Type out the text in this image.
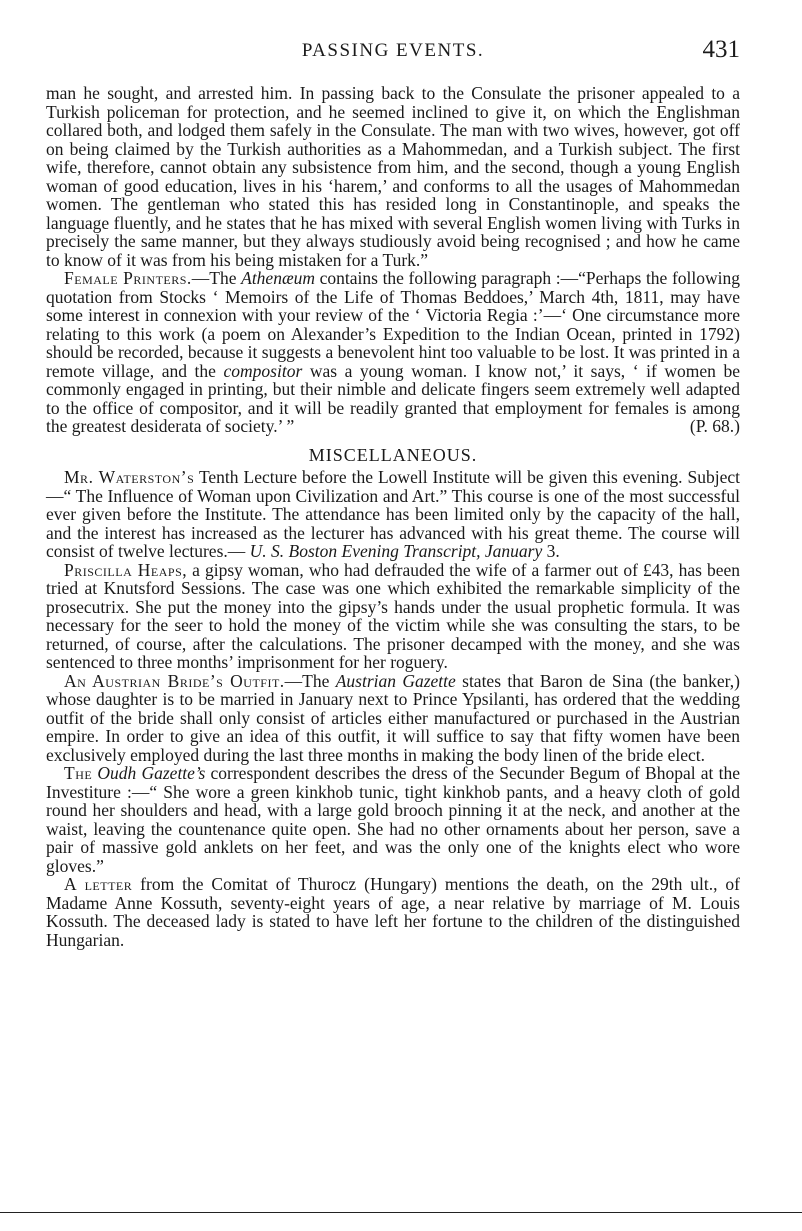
PASSING EVENTS.	431

man he sought, and arrested him. In passing back to the Consulate the prisoner appealed to a Turkish policeman for protection, and he seemed inclined to give it, on which the Englishman collared both, and lodged them safely in the Consulate. The man with two wives, however, got off on being claimed by the Turkish authorities as a Mahommedan, and a Turkish subject. The first wife, therefore, cannot obtain any subsistence from him, and the second, though a young English woman of good education, lives in his ‘harem,’ and conforms to all the usages of Mahommedan women. The gentleman who stated this has resided long in Constantinople, and speaks the language fluently, and he states that he has mixed with several English women living with Turks in precisely the same manner, but they always studiously avoid being recognised ; and how he came to know of it was from his being mistaken for a Turk.”

Female Printers.—The Athenæum contains the following paragraph :—“Perhaps the following quotation from Stocks ‘ Memoirs of the Life of Thomas Beddoes,’ March 4th, 1811, may have some interest in connexion with your review of the ‘ Victoria Regia :’—‘ One circumstance more relating to this work (a poem on Alexander’s Expedition to the Indian Ocean, printed in 1792) should be recorded, because it suggests a benevolent hint too valuable to be lost. It was printed in a remote village, and the compositor was a young woman. I know not,’ it says, ‘ if women be commonly engaged in printing, but their nimble and delicate fingers seem extremely well adapted to the office of compositor, and it will be readily granted that employment for females is among the greatest desiderata of society.’ ”	(P. 68.)

MISCELLANEOUS.

Mr. Waterston’s Tenth Lecture before the Lowell Institute will be given this evening. Subject—“ The Influence of Woman upon Civilization and Art.” This course is one of the most successful ever given before the Institute. The attendance has been limited only by the capacity of the hall, and the interest has increased as the lecturer has advanced with his great theme. The course will consist of twelve lectures.— U. S. Boston Evening Transcript, January 3.

Priscilla Heaps, a gipsy woman, who had defrauded the wife of a farmer out of £43, has been tried at Knutsford Sessions. The case was one which exhibited the remarkable simplicity of the prosecutrix. She put the money into the gipsy’s hands under the usual prophetic formula. It was necessary for the seer to hold the money of the victim while she was consulting the stars, to be returned, of course, after the calculations. The prisoner decamped with the money, and she was sentenced to three months’ imprisonment for her roguery.

An Austrian Bride’s Outfit.—The Austrian Gazette states that Baron de Sina (the banker,) whose daughter is to be married in January next to Prince Ypsilanti, has ordered that the wedding outfit of the bride shall only consist of articles either manufactured or purchased in the Austrian empire. In order to give an idea of this outfit, it will suffice to say that fifty women have been exclusively employed during the last three months in making the body linen of the bride elect.

The Oudh Gazette’s correspondent describes the dress of the Secunder Begum of Bhopal at the Investiture :—“ She wore a green kinkhob tunic, tight kinkhob pants, and a heavy cloth of gold round her shoulders and head, with a large gold brooch pinning it at the neck, and another at the waist, leaving the countenance quite open. She had no other ornaments about her person, save a pair of massive gold anklets on her feet, and was the only one of the knights elect who wore gloves.”

A letter from the Comitat of Thurocz (Hungary) mentions the death, on the 29th ult., of Madame Anne Kossuth, seventy-eight years of age, a near relative by marriage of M. Louis Kossuth. The deceased lady is stated to have left her fortune to the children of the distinguished Hungarian.
